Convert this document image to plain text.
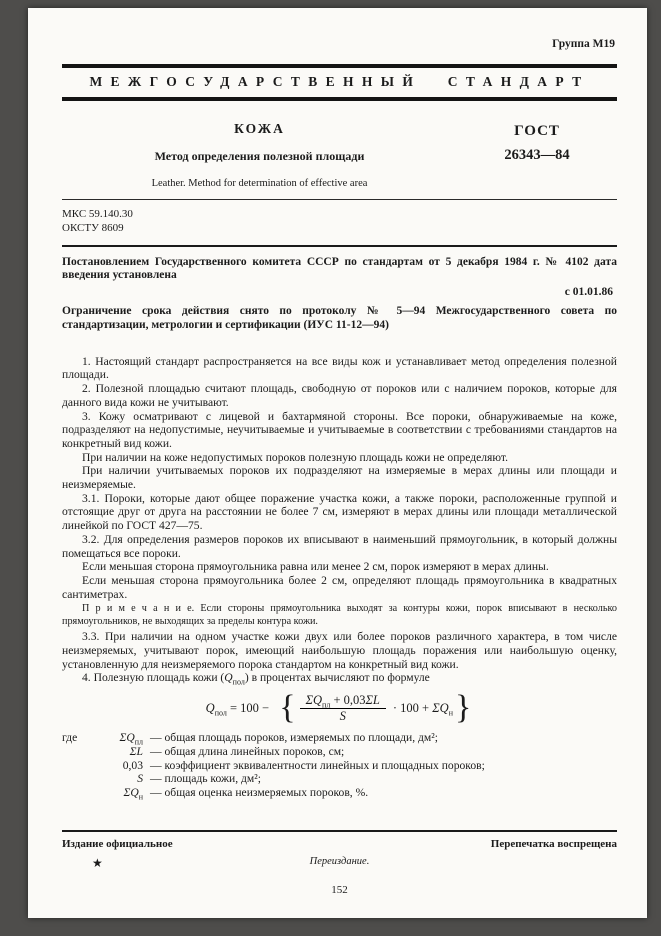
Группа М19
МЕЖГОСУДАРСТВЕННЫЙ СТАНДАРТ
КОЖА
Метод определения полезной площади
Leather. Method for determination of effective area
ГОСТ
26343—84
МКС 59.140.30
ОКСТУ 8609

Постановлением Государственного комитета СССР по стандартам от 5 декабря 1984 г. № 4102 дата введения установлена

с 01.01.86

Ограничение срока действия снято по протоколу № 5—94 Межгосударственного совета по стандартизации, метрологии и сертификации (ИУС 11-12—94)

1. Настоящий стандарт распространяется на все виды кож и устанавливает метод определения полезной площади.

2. Полезной площадью считают площадь, свободную от пороков или с наличием пороков, которые для данного вида кожи не учитывают.

3. Кожу осматривают с лицевой и бахтармяной стороны. Все пороки, обнаруживаемые на коже, подразделяют на недопустимые, неучитываемые и учитываемые в соответствии с требованиями стандартов на конкретный вид кожи.

При наличии на коже недопустимых пороков полезную площадь кожи не определяют.

При наличии учитываемых пороков их подразделяют на измеряемые в мерах длины или площади и неизмеряемые.

3.1. Пороки, которые дают общее поражение участка кожи, а также пороки, расположенные группой и отстоящие друг от друга на расстоянии не более 7 см, измеряют в мерах длины или площади металлической линейкой по ГОСТ 427—75.

3.2. Для определения размеров пороков их вписывают в наименьший прямоугольник, в который должны помещаться все пороки.

Если меньшая сторона прямоугольника равна или менее 2 см, порок измеряют в мерах длины.

Если меньшая сторона прямоугольника более 2 см, определяют площадь прямоугольника в квадратных сантиметрах.

П р и м е ч а н и е. Если стороны прямоугольника выходят за контуры кожи, порок вписывают в несколько прямоугольников, не выходящих за пределы контура кожи.

3.3. При наличии на одном участке кожи двух или более пороков различного характера, в том числе неизмеряемых, учитывают порок, имеющий наибольшую площадь поражения или наибольшую оценку, установленную для неизмеряемого порока стандартом на конкретный вид кожи.

4. Полезную площадь кожи $(Q_{пол})$ в процентах вычисляют по формуле

$Q_{пол} = 100$ − { $\frac{\Sigma Q_{пл} + 0,03\Sigma L}{S} \cdot 100 + \Sigma Q_н$ }
где	$\Sigma Q_{пл}$ — общая площадь пороков, измеряемых по площади, дм²;
ΣL — общая длина линейных пороков, см;
0,03 — коэффициент эквивалентности линейных и площадных пороков;
S — площадь кожи, дм²;
$\Sigma Q_н$ — общая оценка неизмеряемых пороков, %.
Издание официальное	Перепечатка воспрещена
★	Переиздание.
152
